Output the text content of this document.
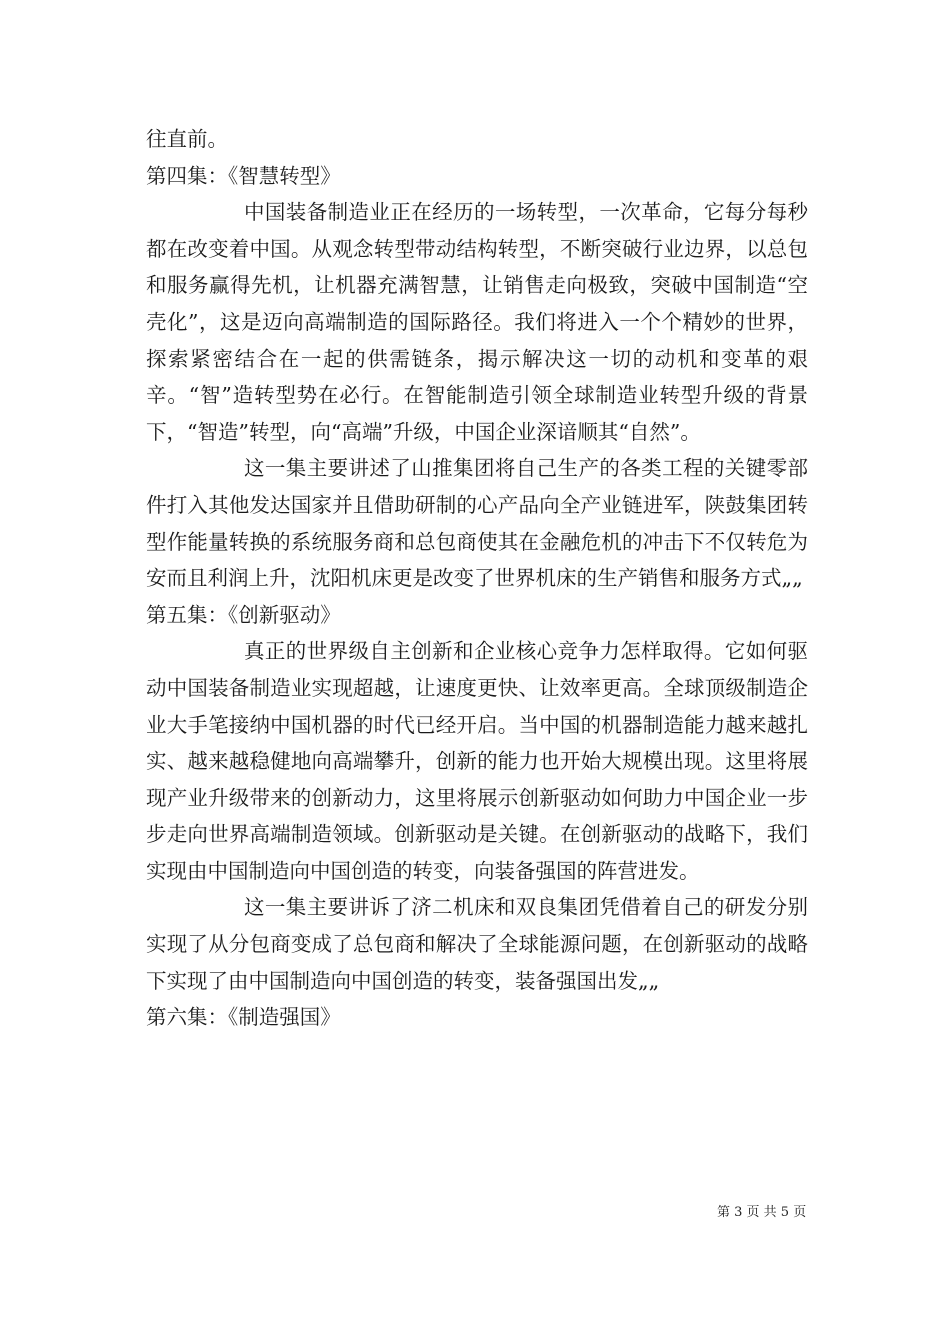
往直前。

第四集：《智慧转型》

中国装备制造业正在经历的一场转型，一次革命，它每分每秒都在改变着中国。从观念转型带动结构转型，不断突破行业边界，以总包和服务赢得先机，让机器充满智慧，让销售走向极致，突破中国制造“空壳化”，这是迈向高端制造的国际路径。我们将进入一个个精妙的世界，探索紧密结合在一起的供需链条，揭示解决这一切的动机和变革的艰辛。“智”造转型势在必行。在智能制造引领全球制造业转型升级的背景下，“智造”转型，向“高端”升级，中国企业深谙顺其“自然”。

这一集主要讲述了山推集团将自己生产的各类工程的关键零部件打入其他发达国家并且借助研制的心产品向全产业链进军，陕鼓集团转型作能量转换的系统服务商和总包商使其在金融危机的冲击下不仅转危为安而且利润上升，沈阳机床更是改变了世界机床的生产销售和服务方式„„

第五集：《创新驱动》

真正的世界级自主创新和企业核心竞争力怎样取得。它如何驱动中国装备制造业实现超越，让速度更快、让效率更高。全球顶级制造企业大手笔接纳中国机器的时代已经开启。当中国的机器制造能力越来越扎实、越来越稳健地向高端攀升，创新的能力也开始大规模出现。这里将展现产业升级带来的创新动力，这里将展示创新驱动如何助力中国企业一步步走向世界高端制造领域。创新驱动是关键。在创新驱动的战略下，我们实现由中国制造向中国创造的转变，向装备强国的阵营进发。

这一集主要讲诉了济二机床和双良集团凭借着自己的研发分别实现了从分包商变成了总包商和解决了全球能源问题，在创新驱动的战略下实现了由中国制造向中国创造的转变，装备强国出发„„

第六集：《制造强国》

第 3 页 共 5 页
